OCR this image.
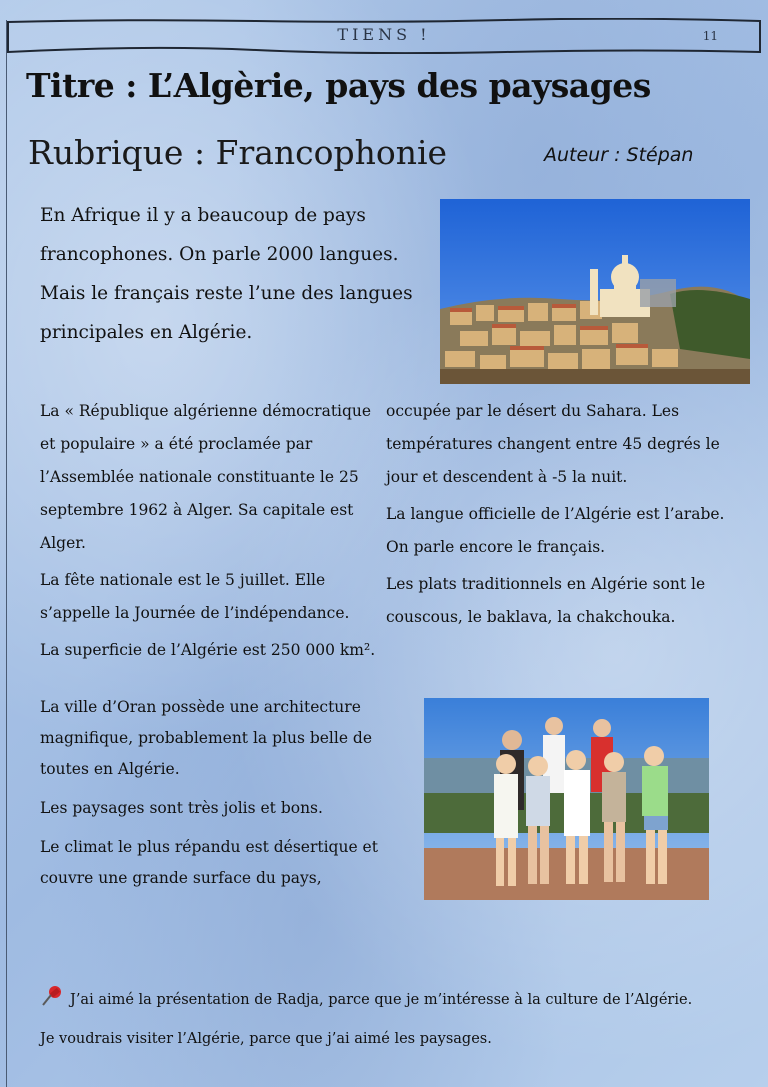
TIENS !	11
Titre : L’Algèrie, pays des paysages
Rubrique : Francophonie	Auteur : Stépan
En Afrique il y a beaucoup de pays francophones. On parle 2000 langues. Mais le français reste l’une des langues principales en Algérie.

La « République algérienne démocratique et populaire » a été proclamée par l’Assemblée nationale constituante le 25 septembre 1962 à Alger. Sa capitale est Alger.

La fête nationale est le 5 juillet. Elle s’appelle la Journée de l’indépendance.

La superficie de l’Algérie est 250 000 km².

La ville d’Oran possède une architecture magnifique, probablement la plus belle de toutes en Algérie.

Les paysages sont très jolis et bons.

Le climat le plus répandu est désertique et couvre une grande surface du pays,

occupée par le désert du Sahara. Les températures changent entre 45 degrés le jour et descendent à -5 la nuit.

La langue officielle de l’Algérie est l’arabe. On parle encore le français.

Les plats traditionnels en Algérie sont le couscous, le baklava, la chakchouka.

J’ai aimé la présentation de Radja, parce que je m’intéresse à la culture de l’Algérie.

Je voudrais visiter l’Algérie, parce que j’ai aimé les paysages.
